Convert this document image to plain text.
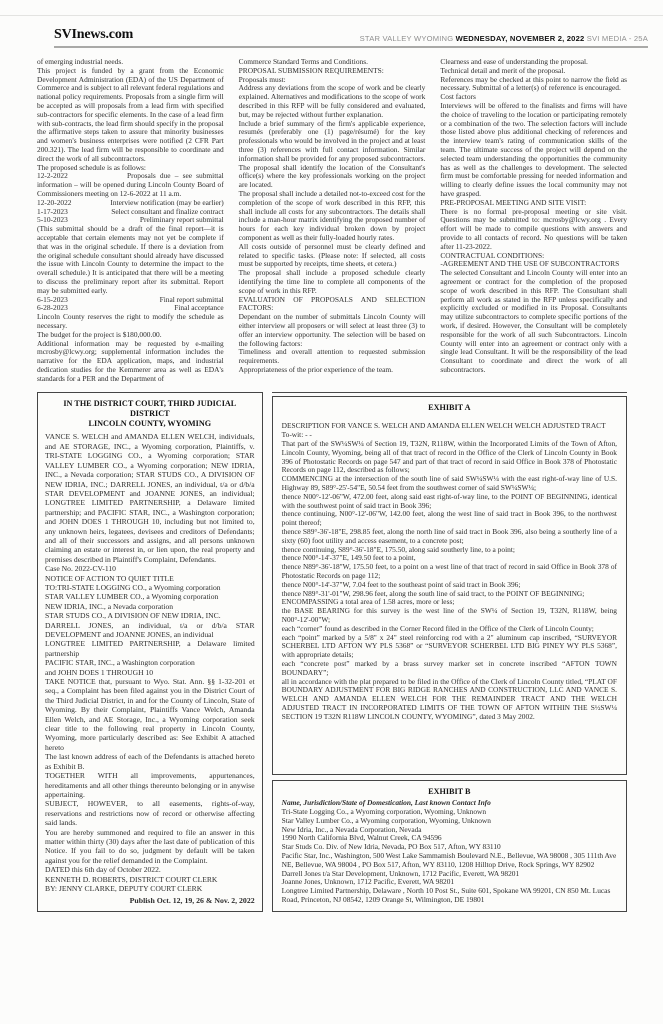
SVInews.com	STAR VALLEY WYOMING WEDNESDAY, NOVEMBER 2, 2022 SVI MEDIA - 25A

of emerging industrial needs.

This project is funded by a grant from the Economic Development Administration (EDA) of the US Department of Commerce and is subject to all relevant federal regulations and national policy requirements. Proposals from a single firm will be accepted as will proposals from a lead firm with specified sub-contractors for specific elements. In the case of a lead firm with sub-contracts, the lead firm should specify in the proposal the affirmative steps taken to assure that minority businesses and women's business enterprises were notified (2 CFR Part 200.321). The lead firm will be responsible to coordinate and direct the work of all subcontractors.

The proposed schedule is as follows:

12-2-2022	Proposals due – see submittal information – will be opened during Lincoln County Board of Commissioners meeting on 12-6-2022 at 11 a.m.

12-20-2022	Interview notification (may be earlier)

1-17-2023	Select consultant and finalize contract

5-10-2023	Preliminary report submittal

(This submittal should be a draft of the final report—it is acceptable that certain elements may not yet be complete if that was in the original schedule. If there is a deviation from the original schedule consultant should already have discussed the issue with Lincoln County to determine the impact to the overall schedule.) It is anticipated that there will be a meeting to discuss the preliminary report after its submittal. Report may be submitted early.

6-15-2023	Final report submittal

6-28-2023	Final acceptance

Lincoln County reserves the right to modify the schedule as necessary.

The budget for the project is $180,000.00.

Additional information may be requested by e-mailing mcrosby@lcwy.org; supplemental information includes the narrative for the EDA application, maps, and industrial dedication studies for the Kemmerer area as well as EDA's standards for a PER and the Department of

Commerce Standard Terms and Conditions.

PROPOSAL SUBMISSION REQUIREMENTS:

Proposals must:

Address any deviations from the scope of work and be clearly explained. Alternatives and modifications to the scope of work described in this RFP will be fully considered and evaluated, but, may be rejected without further explanation.

Include a brief summary of the firm's applicable experience, resumés (preferably one (1) page/résumé) for the key professionals who would be involved in the project and at least three (3) references with full contact information. Similar information shall be provided for any proposed subcontractors. The proposal shall identify the location of the Consultant's office(s) where the key professionals working on the project are located.

The proposal shall include a detailed not-to-exceed cost for the completion of the scope of work described in this RFP, this shall include all costs for any subcontractors. The details shall include a man-hour matrix identifying the proposed number of hours for each key individual broken down by project component as well as their fully-loaded hourly rates.

All costs outside of personnel must be clearly defined and related to specific tasks. (Please note: If selected, all costs must be supported by receipts, time sheets, et cetera.)

The proposal shall include a proposed schedule clearly identifying the time line to complete all components of the scope of work in this RFP.

EVALUATION OF PROPOSALS AND SELECTION FACTORS:

Dependant on the number of submittals Lincoln County will either interview all proposers or will select at least three (3) to offer an interview opportunity. The selection will be based on the following factors:

Timeliness and overall attention to requested submission requirements.

Appropriateness of the prior experience of the team.

Clearness and ease of understanding the proposal.

Technical detail and merit of the proposal.

References may be checked at this point to narrow the field as necessary. Submittal of a letter(s) of reference is encouraged.

Cost factors

Interviews will be offered to the finalists and firms will have the choice of traveling to the location or participating remotely or a combination of the two. The selection factors will include those listed above plus additional checking of references and the interview team's rating of communication skills of the team. The ultimate success of the project will depend on the selected team understanding the opportunities the community has as well as the challenges to development. The selected firm must be comfortable pressing for needed information and willing to clearly define issues the local community may not have grasped.

PRE-PROPOSAL MEETING AND SITE VISIT:

There is no formal pre-proposal meeting or site visit. Questions may be submitted to: mcrosby@lcwy.org . Every effort will be made to compile questions with answers and provide to all contacts of record. No questions will be taken after 11-23-2022.

CONTRACTUAL CONDITIONS:

-AGREEMENT AND THE USE OF SUBCONTRACTORS

The selected Consultant and Lincoln County will enter into an agreement or contract for the completion of the proposed scope of work described in this RFP. The Consultant shall perform all work as stated in the RFP unless specifically and explicitly excluded or modified in its Proposal. Consultants may utilize subcontractors to complete specific portions of the work, if desired. However, the Consultant will be completely responsible for the work of all such Subcontractors. Lincoln County will enter into an agreement or contract only with a single lead Consultant. It will be the responsibility of the lead Consultant to coordinate and direct the work of all subcontractors.

IN THE DISTRICT COURT, THIRD JUDICIAL DISTRICT

LINCOLN COUNTY, WYOMING

VANCE S. WELCH and AMANDA ELLEN WELCH, individuals, and AE STORAGE, INC., a Wyoming corporation, Plaintiffs, v. TRI-STATE LOGGING CO., a Wyoming corporation; STAR VALLEY LUMBER CO., a Wyoming corporation; NEW IDRIA, INC., a Nevada corporation; STAR STUDS CO., A DIVISION OF NEW IDRIA, INC.; DARRELL JONES, an individual, t/a or d/b/a STAR DEVELOPMENT and JOANNE JONES, an individual; LONGTREE LIMITED PARTNERSHIP, a Delaware limited partnership; and PACIFIC STAR, INC., a Washington corporation; and JOHN DOES 1 THROUGH 10, including but not limited to, any unknown heirs, legatees, devisees and creditors of Defendants; and all of their successors and assigns, and all persons unknown claiming an estate or interest in, or lien upon, the real property and premises described in Plaintiff's Complaint, Defendants.

Case No. 2022-CV-110

NOTICE OF ACTION TO QUIET TITLE

TO:TRI-STATE LOGGING CO., a Wyoming corporation

STAR VALLEY LUMBER CO., a Wyoming corporation

NEW IDRIA, INC., a Nevada corporation

STAR STUDS CO., A DIVISION OF NEW IDRIA, INC.

DARRELL JONES, an individual, t/a or d/b/a STAR DEVELOPMENT and JOANNE JONES, an individual

LONGTREE LIMITED PARTNERSHIP, a Delaware limited partnership

PACIFIC STAR, INC., a Washington corporation

and JOHN DOES 1 THROUGH 10

TAKE NOTICE that, pursuant to Wyo. Stat. Ann. §§ 1-32-201 et seq., a Complaint has been filed against you in the District Court of the Third Judicial District, in and for the County of Lincoln, State of Wyoming. By their Complaint, Plaintiffs Vance Welch, Amanda Ellen Welch, and AE Storage, Inc., a Wyoming corporation seek clear title to the following real property in Lincoln County, Wyoming, more particularly described as: See Exhibit A attached hereto

The last known address of each of the Defendants is attached hereto as Exhibit B.

TOGETHER WITH all improvements, appurtenances, hereditaments and all other things thereunto belonging or in anywise appertaining.

SUBJECT, HOWEVER, to all easements, rights-of-way, reservations and restrictions now of record or otherwise affecting said lands.

You are hereby summoned and required to file an answer in this matter within thirty (30) days after the last date of publication of this Notice. If you fail to do so, judgment by default will be taken against you for the relief demanded in the Complaint.

DATED this 6th day of October 2022.

KENNETH D. ROBERTS, DISTRICT COURT CLERK

BY: JENNY CLARKE, DEPUTY COURT CLERK

Publish Oct. 12, 19, 26 & Nov. 2, 2022

EXHIBIT A

DESCRIPTION FOR VANCE S. WELCH AND AMANDA ELLEN WELCH WELCH ADJUSTED TRACT

To-wit: - -

That part of the SW¼SW¼ of Section 19, T32N, R118W, within the Incorporated Limits of the Town of Afton, Lincoln County, Wyoming, being all of that tract of record in the Office of the Clerk of Lincoln County in Book 396 of Photostatic Records on page 547 and part of that tract of record in said Office in Book 378 of Photostatic Records on page 112, described as follows;

COMMENCING at the intersection of the south line of said SW¼SW¼ with the east right-of-way line of U.S. Highway 89, S89°-25'-54"E, 50.54 feet from the southwest corner of said SW¼SW¼;

thence N00°-12'-06"W, 472.00 feet, along said east right-of-way line, to the POINT OF BEGINNING, identical with the southwest point of said tract in Book 396;

thence continuing, N00°-12'-06"W, 142.00 feet, along the west line of said tract in Book 396, to the northwest point thereof;

thence S89°-36'-18"E, 298.85 feet, along the north line of said tract in Book 396, also being a southerly line of a sixty (60) foot utility and access easement, to a concrete post;

thence continuing, S89°-36'-18"E, 175.50, along said southerly line, to a point;

thence N00°-14'-37"E, 149.50 feet to a point,

thence N89°-36'-18"W, 175.50 feet, to a point on a west line of that tract of record in said Office in Book 378 of Photostatic Records on page 112;

thence N00°-14'-37"W, 7.04 feet to the southeast point of said tract in Book 396;

thence N89°-31'-01"W, 298.96 feet, along the south line of said tract, to the POINT OF BEGINNING;

ENCOMPASSING a total area of 1.58 acres, more or less;

the BASE BEARING for this survey is the west line of the SW¼ of Section 19, T32N, R118W, being N00°-12'-00"W;

each “corner” found as described in the Corner Record filed in the Office of the Clerk of Lincoln County;

each “point” marked by a 5/8" x 24" steel reinforcing rod with a 2" aluminum cap inscribed, “SURVEYOR SCHERBEL LTD AFTON WY PLS 5368” or “SURVEYOR SCHERBEL LTD BIG PINEY WY PLS 5368”, with appropriate details;

each “concrete post” marked by a brass survey marker set in concrete inscribed “AFTON TOWN BOUNDARY”;

all in accordance with the plat prepared to be filed in the Office of the Clerk of Lincoln County titled, “PLAT OF BOUNDARY ADJUSTMENT FOR BIG RIDGE RANCHES AND CONSTRUCTION, LLC AND VANCE S. WELCH AND AMANDA ELLEN WELCH FOR THE REMAINDER TRACT AND THE WELCH ADJUSTED TRACT IN INCORPORATED LIMITS OF THE TOWN OF AFTON WITHIN THE S½SW¼ SECTION 19 T32N R118W LINCOLN COUNTY, WYOMING”, dated 3 May 2002.

EXHIBIT B

Name, Jurisdiction/State of Domestication, Last known Contact Info

Tri-State Logging Co., a Wyoming corporation, Wyoming, Unknown

Star Valley Lumber Co., a Wyoming corporation, Wyoming, Unknown

New Idria, Inc., a Nevada Corporation, Nevada

1990 North California Blvd, Walnut Creek, CA 94596

Star Studs Co. Div. of New Idria, Nevada, PO Box 517, Afton, WY 83110

Pacific Star, Inc., Washington, 500 West Lake Sammamish Boulevard N.E., Bellevue, WA 98008 , 305 111th Ave NE, Bellevue, WA 98004 , PO Box 517, Afton, WY 83110, 1208 Hilltop Drive, Rock Springs, WY 82902

Darrell Jones t/a Star Development, Unknown, 1712 Pacific, Everett, WA 98201

Joanne Jones, Unknown, 1712 Pacific, Everett, WA 98201

Longtree Limited Partnership, Delaware , North 10 Post St., Suite 601, Spokane WA 99201, CN 850 Mt. Lucas Road, Princeton, NJ 08542, 1209 Orange St, Wilmington, DE 19801
